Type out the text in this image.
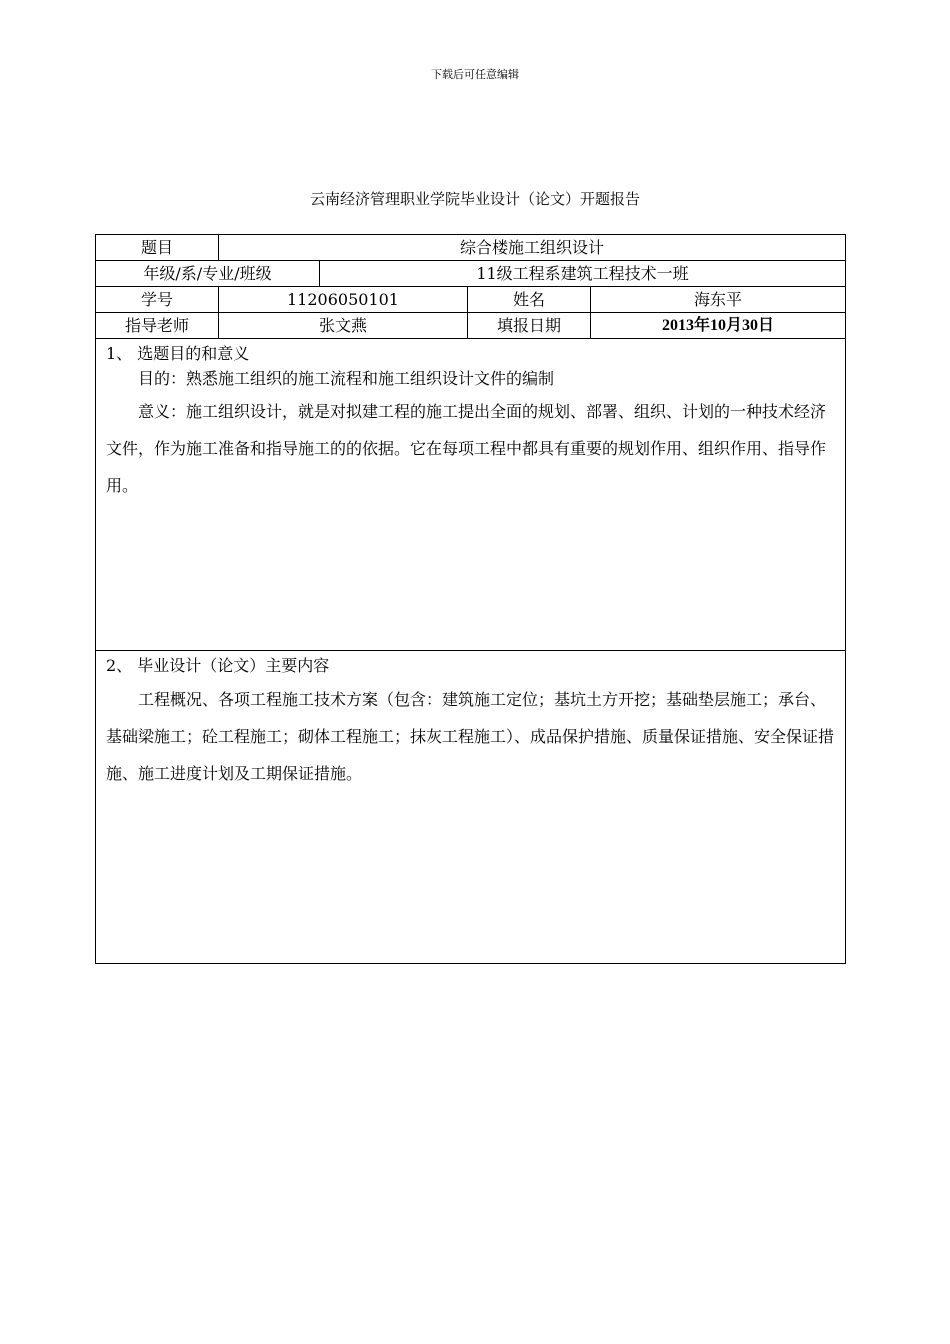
下载后可任意编辑
云南经济管理职业学院毕业设计（论文）开题报告
题目	综合楼施工组织设计
年级/系/专业/班级	11级工程系建筑工程技术一班
学号	11206050101	姓名	海东平
指导老师	张文燕	填报日期	2013年10月30日
1、 选题目的和意义

目的：熟悉施工组织的施工流程和施工组织设计文件的编制

意义：施工组织设计，就是对拟建工程的施工提出全面的规划、部署、组织、计划的一种技术经济文件，作为施工准备和指导施工的的依据。它在每项工程中都具有重要的规划作用、组织作用、指导作用。

2、 毕业设计（论文）主要内容

工程概况、各项工程施工技术方案（包含：建筑施工定位；基坑土方开挖；基础垫层施工；承台、基础梁施工；砼工程施工；砌体工程施工；抹灰工程施工）、成品保护措施、质量保证措施、安全保证措施、施工进度计划及工期保证措施。
